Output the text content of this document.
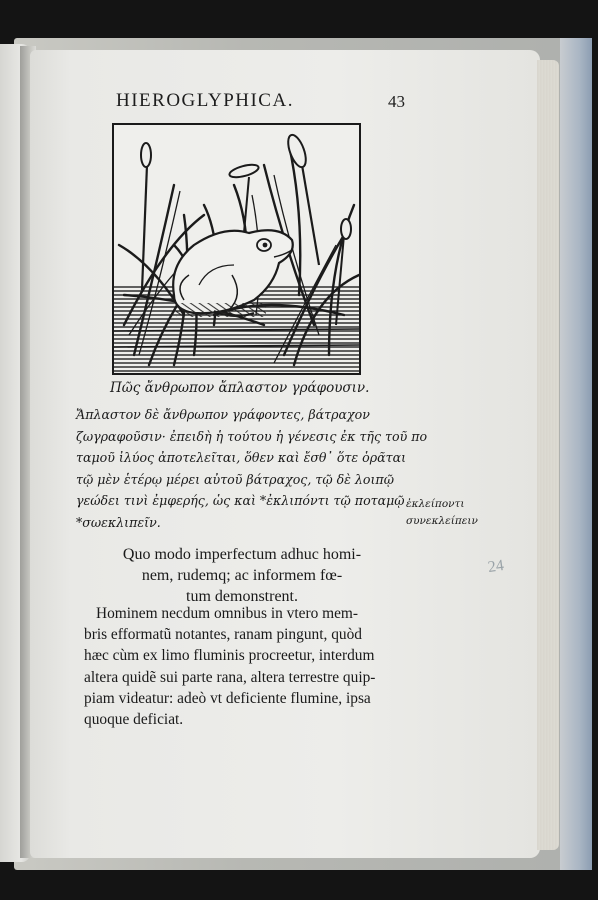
HIEROGLYPHICA.	43
Πῶς ἄνθρωπον ἄπλαστον γράφουσιν.
Ἄπλαστον δὲ ἄνθρωπον γράφοντες, βάτραχον
ζωγραφοῦσιν· ἐπειδὴ ἡ τούτου ἡ γένεσις ἐκ τῆς τοῦ πο
ταμοῦ ἰλύος ἀποτελεῖται, ὅθεν καὶ ἔσθ᾽ ὅτε ὁρᾶται
τῷ μὲν ἑτέρῳ μέρει αὐτοῦ βάτραχος, τῷ δὲ λοιπῷ
γεώδει τινὶ ἐμφερής, ὡς καὶ *ἐκλιπόντι τῷ ποταμῷ
*σωεκλιπεῖν.
ἐκλείποντι
συνεκλείπειν
24
Quo modo imperfectum adhuc homi-
nem, rudemq; ac informem fœ-
tum demonstrent.
Hominem necdum omnibus in vtero mem-
bris efformatũ notantes, ranam pingunt, quòd
hæc cùm ex limo fluminis procreetur, interdum
altera quidẽ sui parte rana, altera terrestre quip-
piam videatur: adeò vt deficiente flumine, ipsa
quoque deficiat.
